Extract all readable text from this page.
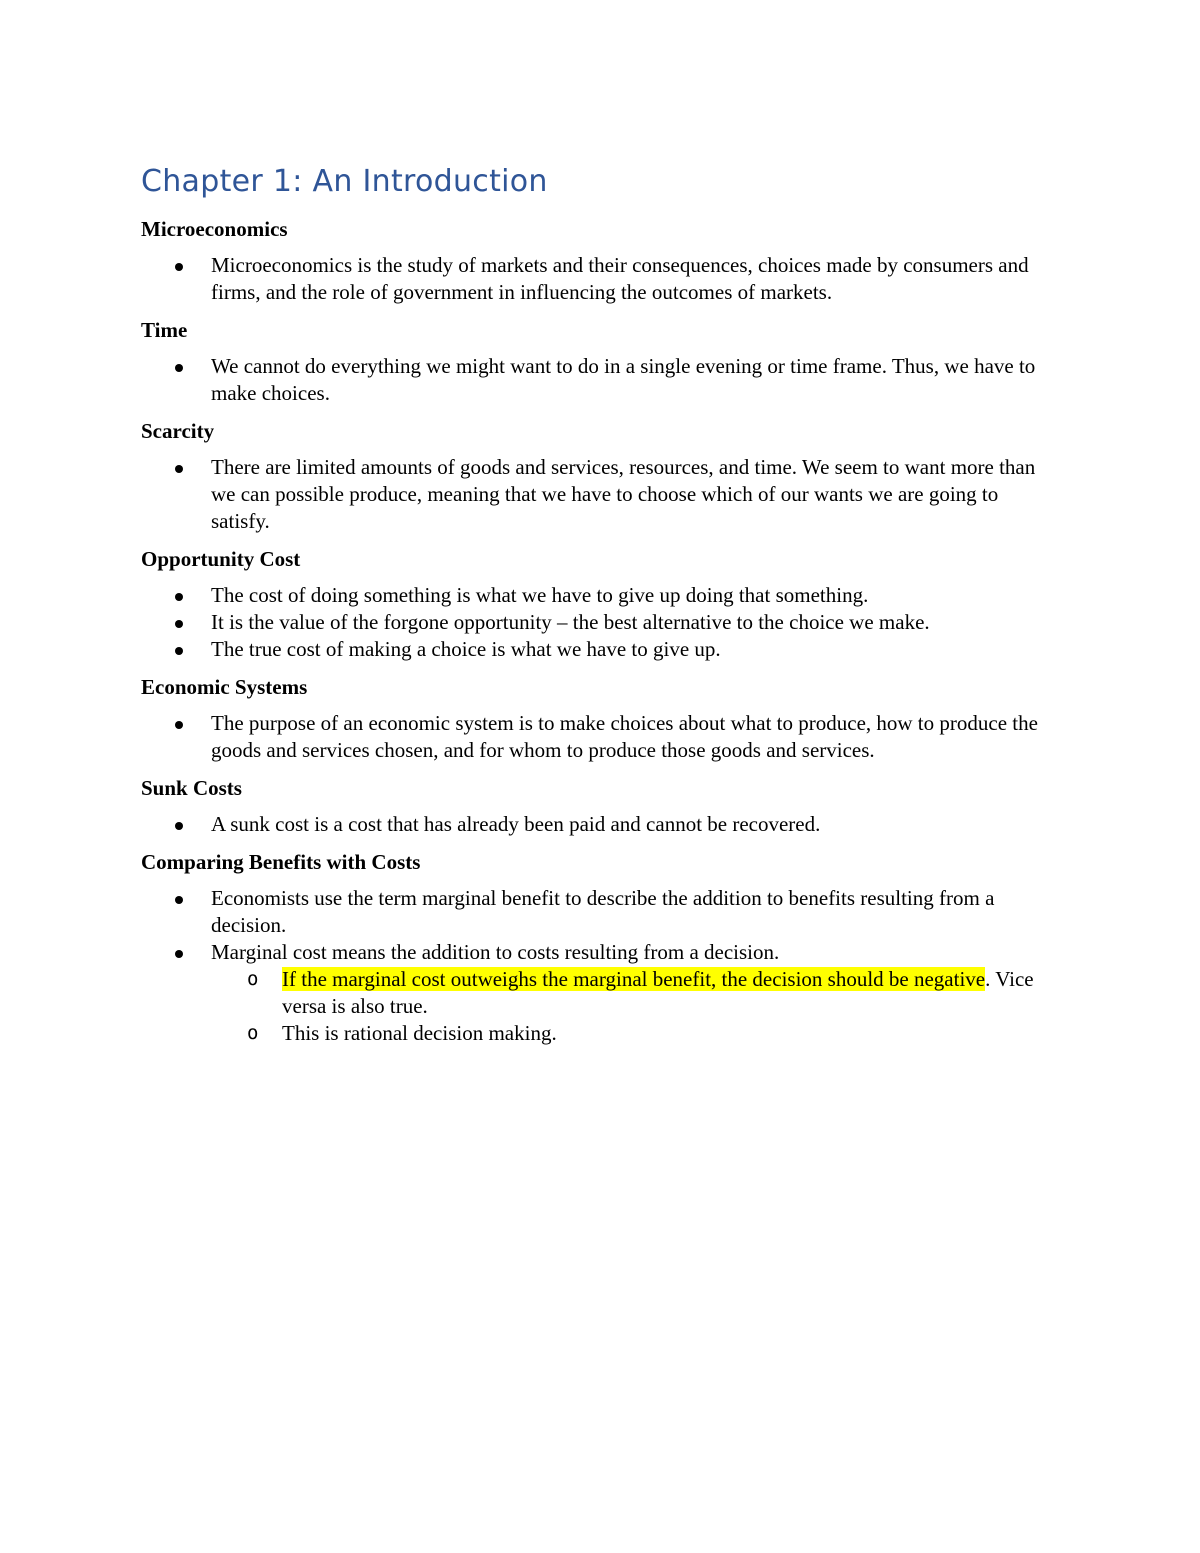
Chapter 1: An Introduction
Microeconomics
Microeconomics is the study of markets and their consequences, choices made by consumers and firms, and the role of government in influencing the outcomes of markets.
Time
We cannot do everything we might want to do in a single evening or time frame. Thus, we have to make choices.
Scarcity
There are limited amounts of goods and services, resources, and time. We seem to want more than we can possible produce, meaning that we have to choose which of our wants we are going to satisfy.
Opportunity Cost
The cost of doing something is what we have to give up doing that something.
It is the value of the forgone opportunity – the best alternative to the choice we make.
The true cost of making a choice is what we have to give up.
Economic Systems
The purpose of an economic system is to make choices about what to produce, how to produce the goods and services chosen, and for whom to produce those goods and services.
Sunk Costs
A sunk cost is a cost that has already been paid and cannot be recovered.
Comparing Benefits with Costs
Economists use the term marginal benefit to describe the addition to benefits resulting from a decision.
Marginal cost means the addition to costs resulting from a decision.
o If the marginal cost outweighs the marginal benefit, the decision should be negative. Vice versa is also true.
o This is rational decision making.
